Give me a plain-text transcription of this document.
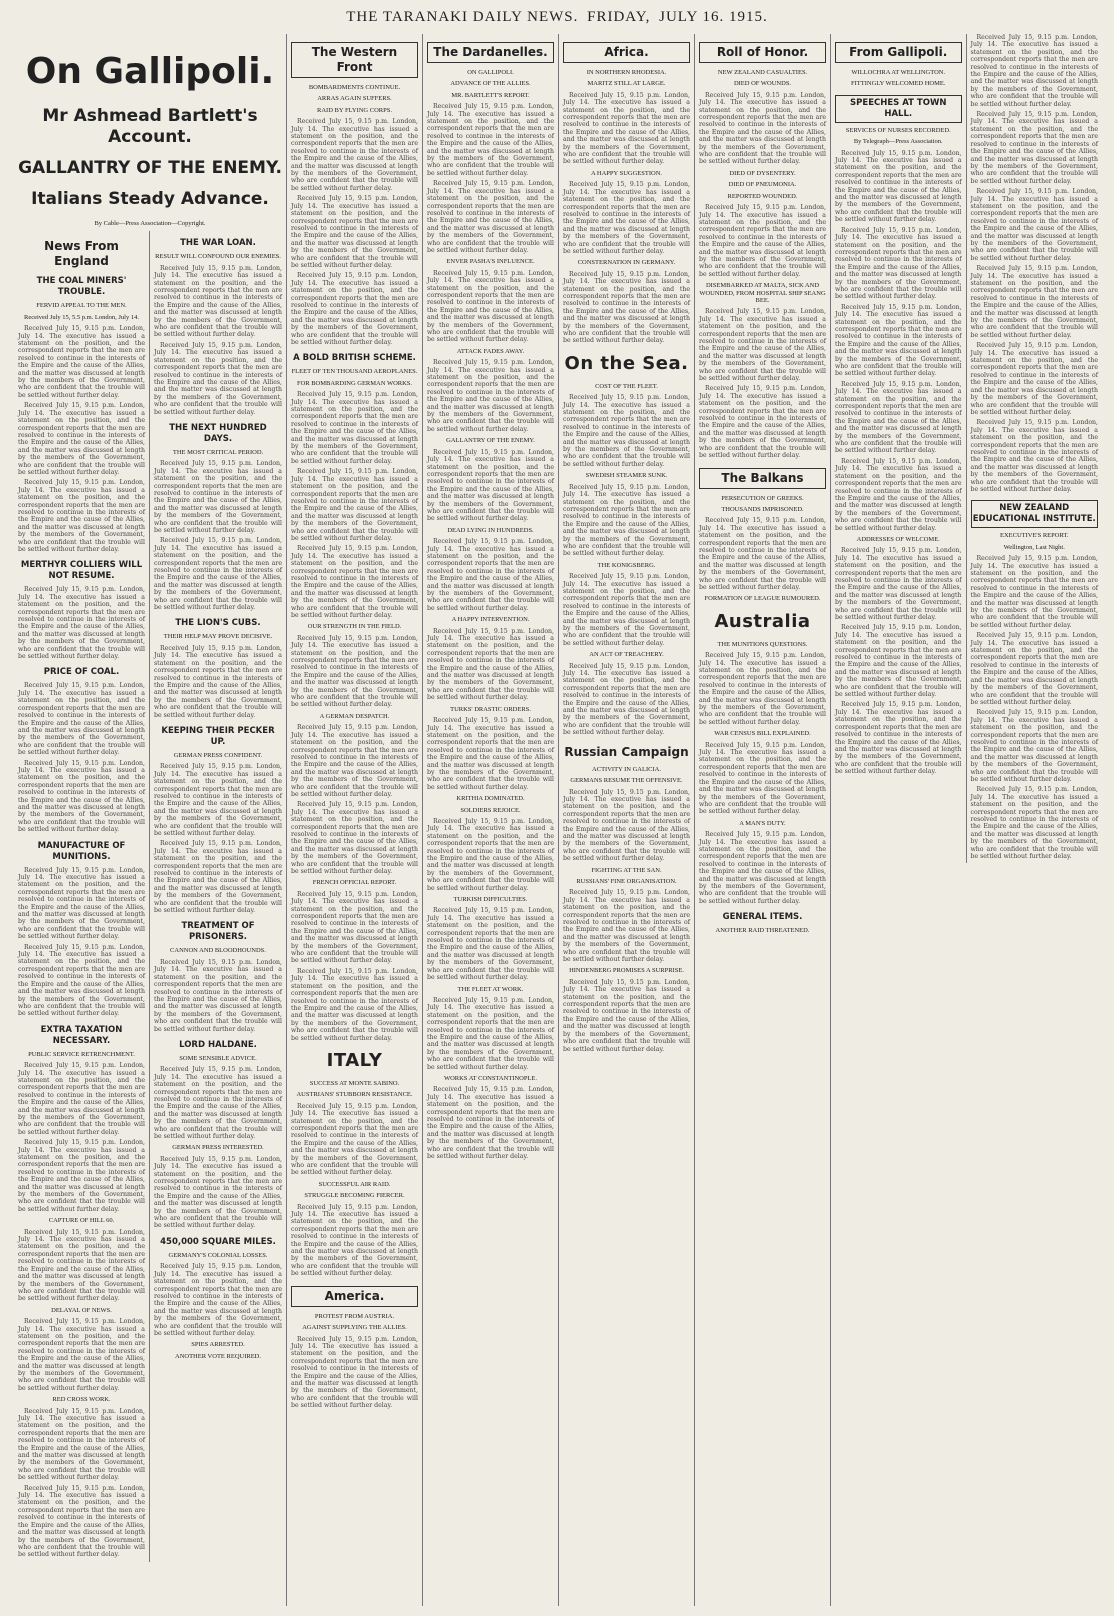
THE TARANAKI DAILY NEWS. FRIDAY, JULY 16. 1915.
On Gallipoli.
Mr Ashmead Bartlett's Account.
GALLANTRY OF THE ENEMY.
Italians Steady Advance.
By Cable—Press Association—Copyright.
News From England
THE COAL MINERS' TROUBLE.
FERVID APPEAL TO THE MEN.
Received July 15, 5.5 p.m. London, July 14.

Received July 15, 9.15 p.m. London, July 14. The executive has issued a statement on the position, and the correspondent reports that the men are resolved to continue in the interests of the Empire and the cause of the Allies, and the matter was discussed at length by the members of the Government, who are confident that the trouble will be settled without further delay.

Received July 15, 9.15 p.m. London, July 14. The executive has issued a statement on the position, and the correspondent reports that the men are resolved to continue in the interests of the Empire and the cause of the Allies, and the matter was discussed at length by the members of the Government, who are confident that the trouble will be settled without further delay.

Received July 15, 9.15 p.m. London, July 14. The executive has issued a statement on the position, and the correspondent reports that the men are resolved to continue in the interests of the Empire and the cause of the Allies, and the matter was discussed at length by the members of the Government, who are confident that the trouble will be settled without further delay.

MERTHYR COLLIERS WILL NOT RESUME.

Received July 15, 9.15 p.m. London, July 14. The executive has issued a statement on the position, and the correspondent reports that the men are resolved to continue in the interests of the Empire and the cause of the Allies, and the matter was discussed at length by the members of the Government, who are confident that the trouble will be settled without further delay.

PRICE OF COAL.

Received July 15, 9.15 p.m. London, July 14. The executive has issued a statement on the position, and the correspondent reports that the men are resolved to continue in the interests of the Empire and the cause of the Allies, and the matter was discussed at length by the members of the Government, who are confident that the trouble will be settled without further delay.

Received July 15, 9.15 p.m. London, July 14. The executive has issued a statement on the position, and the correspondent reports that the men are resolved to continue in the interests of the Empire and the cause of the Allies, and the matter was discussed at length by the members of the Government, who are confident that the trouble will be settled without further delay.

MANUFACTURE OF MUNITIONS.

Received July 15, 9.15 p.m. London, July 14. The executive has issued a statement on the position, and the correspondent reports that the men are resolved to continue in the interests of the Empire and the cause of the Allies, and the matter was discussed at length by the members of the Government, who are confident that the trouble will be settled without further delay.

Received July 15, 9.15 p.m. London, July 14. The executive has issued a statement on the position, and the correspondent reports that the men are resolved to continue in the interests of the Empire and the cause of the Allies, and the matter was discussed at length by the members of the Government, who are confident that the trouble will be settled without further delay.

EXTRA TAXATION NECESSARY.
PUBLIC SERVICE RETRENCHMENT.

Received July 15, 9.15 p.m. London, July 14. The executive has issued a statement on the position, and the correspondent reports that the men are resolved to continue in the interests of the Empire and the cause of the Allies, and the matter was discussed at length by the members of the Government, who are confident that the trouble will be settled without further delay.

Received July 15, 9.15 p.m. London, July 14. The executive has issued a statement on the position, and the correspondent reports that the men are resolved to continue in the interests of the Empire and the cause of the Allies, and the matter was discussed at length by the members of the Government, who are confident that the trouble will be settled without further delay.

CAPTURE OF HILL 60.

Received July 15, 9.15 p.m. London, July 14. The executive has issued a statement on the position, and the correspondent reports that the men are resolved to continue in the interests of the Empire and the cause of the Allies, and the matter was discussed at length by the members of the Government, who are confident that the trouble will be settled without further delay.

DELAYAL OF NEWS.

Received July 15, 9.15 p.m. London, July 14. The executive has issued a statement on the position, and the correspondent reports that the men are resolved to continue in the interests of the Empire and the cause of the Allies, and the matter was discussed at length by the members of the Government, who are confident that the trouble will be settled without further delay.

RED CROSS WORK.

Received July 15, 9.15 p.m. London, July 14. The executive has issued a statement on the position, and the correspondent reports that the men are resolved to continue in the interests of the Empire and the cause of the Allies, and the matter was discussed at length by the members of the Government, who are confident that the trouble will be settled without further delay.

Received July 15, 9.15 p.m. London, July 14. The executive has issued a statement on the position, and the correspondent reports that the men are resolved to continue in the interests of the Empire and the cause of the Allies, and the matter was discussed at length by the members of the Government, who are confident that the trouble will be settled without further delay.

THE WAR LOAN.
RESULT WILL CONFOUND OUR ENEMIES.

Received July 15, 9.15 p.m. London, July 14. The executive has issued a statement on the position, and the correspondent reports that the men are resolved to continue in the interests of the Empire and the cause of the Allies, and the matter was discussed at length by the members of the Government, who are confident that the trouble will be settled without further delay.

Received July 15, 9.15 p.m. London, July 14. The executive has issued a statement on the position, and the correspondent reports that the men are resolved to continue in the interests of the Empire and the cause of the Allies, and the matter was discussed at length by the members of the Government, who are confident that the trouble will be settled without further delay.

THE NEXT HUNDRED DAYS.
THE MOST CRITICAL PERIOD.

Received July 15, 9.15 p.m. London, July 14. The executive has issued a statement on the position, and the correspondent reports that the men are resolved to continue in the interests of the Empire and the cause of the Allies, and the matter was discussed at length by the members of the Government, who are confident that the trouble will be settled without further delay.

Received July 15, 9.15 p.m. London, July 14. The executive has issued a statement on the position, and the correspondent reports that the men are resolved to continue in the interests of the Empire and the cause of the Allies, and the matter was discussed at length by the members of the Government, who are confident that the trouble will be settled without further delay.

THE LION'S CUBS.
THEIR HELP MAY PROVE DECISIVE.

Received July 15, 9.15 p.m. London, July 14. The executive has issued a statement on the position, and the correspondent reports that the men are resolved to continue in the interests of the Empire and the cause of the Allies, and the matter was discussed at length by the members of the Government, who are confident that the trouble will be settled without further delay.

KEEPING THEIR PECKER UP.
GERMAN PRESS CONFIDENT.

Received July 15, 9.15 p.m. London, July 14. The executive has issued a statement on the position, and the correspondent reports that the men are resolved to continue in the interests of the Empire and the cause of the Allies, and the matter was discussed at length by the members of the Government, who are confident that the trouble will be settled without further delay.

Received July 15, 9.15 p.m. London, July 14. The executive has issued a statement on the position, and the correspondent reports that the men are resolved to continue in the interests of the Empire and the cause of the Allies, and the matter was discussed at length by the members of the Government, who are confident that the trouble will be settled without further delay.

TREATMENT OF PRISONERS.
CANNON AND BLOODHOUNDS.

Received July 15, 9.15 p.m. London, July 14. The executive has issued a statement on the position, and the correspondent reports that the men are resolved to continue in the interests of the Empire and the cause of the Allies, and the matter was discussed at length by the members of the Government, who are confident that the trouble will be settled without further delay.

LORD HALDANE.
SOME SENSIBLE ADVICE.

Received July 15, 9.15 p.m. London, July 14. The executive has issued a statement on the position, and the correspondent reports that the men are resolved to continue in the interests of the Empire and the cause of the Allies, and the matter was discussed at length by the members of the Government, who are confident that the trouble will be settled without further delay.

GERMAN PRESS INTERESTED.

Received July 15, 9.15 p.m. London, July 14. The executive has issued a statement on the position, and the correspondent reports that the men are resolved to continue in the interests of the Empire and the cause of the Allies, and the matter was discussed at length by the members of the Government, who are confident that the trouble will be settled without further delay.

450,000 SQUARE MILES.
GERMANY'S COLONIAL LOSSES.

Received July 15, 9.15 p.m. London, July 14. The executive has issued a statement on the position, and the correspondent reports that the men are resolved to continue in the interests of the Empire and the cause of the Allies, and the matter was discussed at length by the members of the Government, who are confident that the trouble will be settled without further delay.

SPIES ARRESTED.
ANOTHER VOTE REQUIRED.
The Western Front
BOMBARDMENTS CONTINUE.
ARRAS AGAIN SUFFERS.
RAID BY FLYING CORPS.

Received July 15, 9.15 p.m. London, July 14. The executive has issued a statement on the position, and the correspondent reports that the men are resolved to continue in the interests of the Empire and the cause of the Allies, and the matter was discussed at length by the members of the Government, who are confident that the trouble will be settled without further delay.

Received July 15, 9.15 p.m. London, July 14. The executive has issued a statement on the position, and the correspondent reports that the men are resolved to continue in the interests of the Empire and the cause of the Allies, and the matter was discussed at length by the members of the Government, who are confident that the trouble will be settled without further delay.

Received July 15, 9.15 p.m. London, July 14. The executive has issued a statement on the position, and the correspondent reports that the men are resolved to continue in the interests of the Empire and the cause of the Allies, and the matter was discussed at length by the members of the Government, who are confident that the trouble will be settled without further delay.

A BOLD BRITISH SCHEME.
FLEET OF TEN THOUSAND AEROPLANES.
FOR BOMBARDING GERMAN WORKS.

Received July 15, 9.15 p.m. London, July 14. The executive has issued a statement on the position, and the correspondent reports that the men are resolved to continue in the interests of the Empire and the cause of the Allies, and the matter was discussed at length by the members of the Government, who are confident that the trouble will be settled without further delay.

Received July 15, 9.15 p.m. London, July 14. The executive has issued a statement on the position, and the correspondent reports that the men are resolved to continue in the interests of the Empire and the cause of the Allies, and the matter was discussed at length by the members of the Government, who are confident that the trouble will be settled without further delay.

Received July 15, 9.15 p.m. London, July 14. The executive has issued a statement on the position, and the correspondent reports that the men are resolved to continue in the interests of the Empire and the cause of the Allies, and the matter was discussed at length by the members of the Government, who are confident that the trouble will be settled without further delay.

OUR STRENGTH IN THE FIELD.

Received July 15, 9.15 p.m. London, July 14. The executive has issued a statement on the position, and the correspondent reports that the men are resolved to continue in the interests of the Empire and the cause of the Allies, and the matter was discussed at length by the members of the Government, who are confident that the trouble will be settled without further delay.

A GERMAN DESPATCH.

Received July 15, 9.15 p.m. London, July 14. The executive has issued a statement on the position, and the correspondent reports that the men are resolved to continue in the interests of the Empire and the cause of the Allies, and the matter was discussed at length by the members of the Government, who are confident that the trouble will be settled without further delay.

Received July 15, 9.15 p.m. London, July 14. The executive has issued a statement on the position, and the correspondent reports that the men are resolved to continue in the interests of the Empire and the cause of the Allies, and the matter was discussed at length by the members of the Government, who are confident that the trouble will be settled without further delay.

FRENCH OFFICIAL REPORT.

Received July 15, 9.15 p.m. London, July 14. The executive has issued a statement on the position, and the correspondent reports that the men are resolved to continue in the interests of the Empire and the cause of the Allies, and the matter was discussed at length by the members of the Government, who are confident that the trouble will be settled without further delay.

Received July 15, 9.15 p.m. London, July 14. The executive has issued a statement on the position, and the correspondent reports that the men are resolved to continue in the interests of the Empire and the cause of the Allies, and the matter was discussed at length by the members of the Government, who are confident that the trouble will be settled without further delay.

ITALY
SUCCESS AT MONTE SABINO.
AUSTRIANS' STUBBORN RESISTANCE.

Received July 15, 9.15 p.m. London, July 14. The executive has issued a statement on the position, and the correspondent reports that the men are resolved to continue in the interests of the Empire and the cause of the Allies, and the matter was discussed at length by the members of the Government, who are confident that the trouble will be settled without further delay.

SUCCESSFUL AIR RAID.
STRUGGLE BECOMING FIERCER.

Received July 15, 9.15 p.m. London, July 14. The executive has issued a statement on the position, and the correspondent reports that the men are resolved to continue in the interests of the Empire and the cause of the Allies, and the matter was discussed at length by the members of the Government, who are confident that the trouble will be settled without further delay.

America.
PROTEST FROM AUSTRIA.
AGAINST SUPPLYING THE ALLIES.

Received July 15, 9.15 p.m. London, July 14. The executive has issued a statement on the position, and the correspondent reports that the men are resolved to continue in the interests of the Empire and the cause of the Allies, and the matter was discussed at length by the members of the Government, who are confident that the trouble will be settled without further delay.

The Dardanelles.
ON GALLIPOLI.
ADVANCE OF THE ALLIES.
MR. BARTLETT'S REPORT.

Received July 15, 9.15 p.m. London, July 14. The executive has issued a statement on the position, and the correspondent reports that the men are resolved to continue in the interests of the Empire and the cause of the Allies, and the matter was discussed at length by the members of the Government, who are confident that the trouble will be settled without further delay.

Received July 15, 9.15 p.m. London, July 14. The executive has issued a statement on the position, and the correspondent reports that the men are resolved to continue in the interests of the Empire and the cause of the Allies, and the matter was discussed at length by the members of the Government, who are confident that the trouble will be settled without further delay.

ENVER PASHA'S INFLUENCE.

Received July 15, 9.15 p.m. London, July 14. The executive has issued a statement on the position, and the correspondent reports that the men are resolved to continue in the interests of the Empire and the cause of the Allies, and the matter was discussed at length by the members of the Government, who are confident that the trouble will be settled without further delay.

ATTACK FADES AWAY.

Received July 15, 9.15 p.m. London, July 14. The executive has issued a statement on the position, and the correspondent reports that the men are resolved to continue in the interests of the Empire and the cause of the Allies, and the matter was discussed at length by the members of the Government, who are confident that the trouble will be settled without further delay.

GALLANTRY OF THE ENEMY.

Received July 15, 9.15 p.m. London, July 14. The executive has issued a statement on the position, and the correspondent reports that the men are resolved to continue in the interests of the Empire and the cause of the Allies, and the matter was discussed at length by the members of the Government, who are confident that the trouble will be settled without further delay.

DEAD LYING IN HUNDREDS.

Received July 15, 9.15 p.m. London, July 14. The executive has issued a statement on the position, and the correspondent reports that the men are resolved to continue in the interests of the Empire and the cause of the Allies, and the matter was discussed at length by the members of the Government, who are confident that the trouble will be settled without further delay.

A HAPPY INTERVENTION.

Received July 15, 9.15 p.m. London, July 14. The executive has issued a statement on the position, and the correspondent reports that the men are resolved to continue in the interests of the Empire and the cause of the Allies, and the matter was discussed at length by the members of the Government, who are confident that the trouble will be settled without further delay.

TURKS' DRASTIC ORDERS.

Received July 15, 9.15 p.m. London, July 14. The executive has issued a statement on the position, and the correspondent reports that the men are resolved to continue in the interests of the Empire and the cause of the Allies, and the matter was discussed at length by the members of the Government, who are confident that the trouble will be settled without further delay.

KRITHIA DOMINATED.
SOLDIERS REJOICE.

Received July 15, 9.15 p.m. London, July 14. The executive has issued a statement on the position, and the correspondent reports that the men are resolved to continue in the interests of the Empire and the cause of the Allies, and the matter was discussed at length by the members of the Government, who are confident that the trouble will be settled without further delay.

TURKISH DIFFICULTIES.

Received July 15, 9.15 p.m. London, July 14. The executive has issued a statement on the position, and the correspondent reports that the men are resolved to continue in the interests of the Empire and the cause of the Allies, and the matter was discussed at length by the members of the Government, who are confident that the trouble will be settled without further delay.

THE FLEET AT WORK.

Received July 15, 9.15 p.m. London, July 14. The executive has issued a statement on the position, and the correspondent reports that the men are resolved to continue in the interests of the Empire and the cause of the Allies, and the matter was discussed at length by the members of the Government, who are confident that the trouble will be settled without further delay.

WORKS AT CONSTANTINOPLE.

Received July 15, 9.15 p.m. London, July 14. The executive has issued a statement on the position, and the correspondent reports that the men are resolved to continue in the interests of the Empire and the cause of the Allies, and the matter was discussed at length by the members of the Government, who are confident that the trouble will be settled without further delay.

Africa.
IN NORTHERN RHODESIA.
MARITZ STILL AT LARGE.

Received July 15, 9.15 p.m. London, July 14. The executive has issued a statement on the position, and the correspondent reports that the men are resolved to continue in the interests of the Empire and the cause of the Allies, and the matter was discussed at length by the members of the Government, who are confident that the trouble will be settled without further delay.

A HAPPY SUGGESTION.

Received July 15, 9.15 p.m. London, July 14. The executive has issued a statement on the position, and the correspondent reports that the men are resolved to continue in the interests of the Empire and the cause of the Allies, and the matter was discussed at length by the members of the Government, who are confident that the trouble will be settled without further delay.

CONSTERNATION IN GERMANY.

Received July 15, 9.15 p.m. London, July 14. The executive has issued a statement on the position, and the correspondent reports that the men are resolved to continue in the interests of the Empire and the cause of the Allies, and the matter was discussed at length by the members of the Government, who are confident that the trouble will be settled without further delay.

On the Sea.
COST OF THE FLEET.

Received July 15, 9.15 p.m. London, July 14. The executive has issued a statement on the position, and the correspondent reports that the men are resolved to continue in the interests of the Empire and the cause of the Allies, and the matter was discussed at length by the members of the Government, who are confident that the trouble will be settled without further delay.

SWEDISH STEAMER SUNK.

Received July 15, 9.15 p.m. London, July 14. The executive has issued a statement on the position, and the correspondent reports that the men are resolved to continue in the interests of the Empire and the cause of the Allies, and the matter was discussed at length by the members of the Government, who are confident that the trouble will be settled without further delay.

THE KONIGSBERG.

Received July 15, 9.15 p.m. London, July 14. The executive has issued a statement on the position, and the correspondent reports that the men are resolved to continue in the interests of the Empire and the cause of the Allies, and the matter was discussed at length by the members of the Government, who are confident that the trouble will be settled without further delay.

AN ACT OF TREACHERY.

Received July 15, 9.15 p.m. London, July 14. The executive has issued a statement on the position, and the correspondent reports that the men are resolved to continue in the interests of the Empire and the cause of the Allies, and the matter was discussed at length by the members of the Government, who are confident that the trouble will be settled without further delay.

Russian Campaign
ACTIVITY IN GALICIA.
GERMANS RESUME THE OFFENSIVE.

Received July 15, 9.15 p.m. London, July 14. The executive has issued a statement on the position, and the correspondent reports that the men are resolved to continue in the interests of the Empire and the cause of the Allies, and the matter was discussed at length by the members of the Government, who are confident that the trouble will be settled without further delay.

FIGHTING AT THE SAN.
RUSSIANS' FINE ORGANISATION.

Received July 15, 9.15 p.m. London, July 14. The executive has issued a statement on the position, and the correspondent reports that the men are resolved to continue in the interests of the Empire and the cause of the Allies, and the matter was discussed at length by the members of the Government, who are confident that the trouble will be settled without further delay.

HINDENBERG PROMISES A SURPRISE.

Received July 15, 9.15 p.m. London, July 14. The executive has issued a statement on the position, and the correspondent reports that the men are resolved to continue in the interests of the Empire and the cause of the Allies, and the matter was discussed at length by the members of the Government, who are confident that the trouble will be settled without further delay.

Roll of Honor.
NEW ZEALAND CASUALTIES.
DIED OF WOUNDS.

Received July 15, 9.15 p.m. London, July 14. The executive has issued a statement on the position, and the correspondent reports that the men are resolved to continue in the interests of the Empire and the cause of the Allies, and the matter was discussed at length by the members of the Government, who are confident that the trouble will be settled without further delay.

DIED OF DYSENTERY.
DIED OF PNEUMONIA.
REPORTED WOUNDED.

Received July 15, 9.15 p.m. London, July 14. The executive has issued a statement on the position, and the correspondent reports that the men are resolved to continue in the interests of the Empire and the cause of the Allies, and the matter was discussed at length by the members of the Government, who are confident that the trouble will be settled without further delay.

DISEMBARKED AT MALTA, SICK AND WOUNDED, FROM HOSPITAL SHIP SEANG BEE.

Received July 15, 9.15 p.m. London, July 14. The executive has issued a statement on the position, and the correspondent reports that the men are resolved to continue in the interests of the Empire and the cause of the Allies, and the matter was discussed at length by the members of the Government, who are confident that the trouble will be settled without further delay.

Received July 15, 9.15 p.m. London, July 14. The executive has issued a statement on the position, and the correspondent reports that the men are resolved to continue in the interests of the Empire and the cause of the Allies, and the matter was discussed at length by the members of the Government, who are confident that the trouble will be settled without further delay.

The Balkans
PERSECUTION OF GREEKS.
THOUSANDS IMPRISONED.

Received July 15, 9.15 p.m. London, July 14. The executive has issued a statement on the position, and the correspondent reports that the men are resolved to continue in the interests of the Empire and the cause of the Allies, and the matter was discussed at length by the members of the Government, who are confident that the trouble will be settled without further delay.

FORMATION OF LEAGUE RUMOURED.
Australia
THE MUNITIONS QUESTIONS.

Received July 15, 9.15 p.m. London, July 14. The executive has issued a statement on the position, and the correspondent reports that the men are resolved to continue in the interests of the Empire and the cause of the Allies, and the matter was discussed at length by the members of the Government, who are confident that the trouble will be settled without further delay.

WAR CENSUS BILL EXPLAINED.

Received July 15, 9.15 p.m. London, July 14. The executive has issued a statement on the position, and the correspondent reports that the men are resolved to continue in the interests of the Empire and the cause of the Allies, and the matter was discussed at length by the members of the Government, who are confident that the trouble will be settled without further delay.

A MAN'S DUTY.

Received July 15, 9.15 p.m. London, July 14. The executive has issued a statement on the position, and the correspondent reports that the men are resolved to continue in the interests of the Empire and the cause of the Allies, and the matter was discussed at length by the members of the Government, who are confident that the trouble will be settled without further delay.

GENERAL ITEMS.
ANOTHER RAID THREATENED.
From Gallipoli.
WILLOCHRA AT WELLINGTON.
FITTINGLY WELCOMED HOME.
SPEECHES AT TOWN HALL.
SERVICES OF NURSES RECORDED.
By Telegraph—Press Association.

Received July 15, 9.15 p.m. London, July 14. The executive has issued a statement on the position, and the correspondent reports that the men are resolved to continue in the interests of the Empire and the cause of the Allies, and the matter was discussed at length by the members of the Government, who are confident that the trouble will be settled without further delay.

Received July 15, 9.15 p.m. London, July 14. The executive has issued a statement on the position, and the correspondent reports that the men are resolved to continue in the interests of the Empire and the cause of the Allies, and the matter was discussed at length by the members of the Government, who are confident that the trouble will be settled without further delay.

Received July 15, 9.15 p.m. London, July 14. The executive has issued a statement on the position, and the correspondent reports that the men are resolved to continue in the interests of the Empire and the cause of the Allies, and the matter was discussed at length by the members of the Government, who are confident that the trouble will be settled without further delay.

Received July 15, 9.15 p.m. London, July 14. The executive has issued a statement on the position, and the correspondent reports that the men are resolved to continue in the interests of the Empire and the cause of the Allies, and the matter was discussed at length by the members of the Government, who are confident that the trouble will be settled without further delay.

Received July 15, 9.15 p.m. London, July 14. The executive has issued a statement on the position, and the correspondent reports that the men are resolved to continue in the interests of the Empire and the cause of the Allies, and the matter was discussed at length by the members of the Government, who are confident that the trouble will be settled without further delay.

ADDRESSES OF WELCOME.

Received July 15, 9.15 p.m. London, July 14. The executive has issued a statement on the position, and the correspondent reports that the men are resolved to continue in the interests of the Empire and the cause of the Allies, and the matter was discussed at length by the members of the Government, who are confident that the trouble will be settled without further delay.

Received July 15, 9.15 p.m. London, July 14. The executive has issued a statement on the position, and the correspondent reports that the men are resolved to continue in the interests of the Empire and the cause of the Allies, and the matter was discussed at length by the members of the Government, who are confident that the trouble will be settled without further delay.

Received July 15, 9.15 p.m. London, July 14. The executive has issued a statement on the position, and the correspondent reports that the men are resolved to continue in the interests of the Empire and the cause of the Allies, and the matter was discussed at length by the members of the Government, who are confident that the trouble will be settled without further delay.

Received July 15, 9.15 p.m. London, July 14. The executive has issued a statement on the position, and the correspondent reports that the men are resolved to continue in the interests of the Empire and the cause of the Allies, and the matter was discussed at length by the members of the Government, who are confident that the trouble will be settled without further delay.

Received July 15, 9.15 p.m. London, July 14. The executive has issued a statement on the position, and the correspondent reports that the men are resolved to continue in the interests of the Empire and the cause of the Allies, and the matter was discussed at length by the members of the Government, who are confident that the trouble will be settled without further delay.

Received July 15, 9.15 p.m. London, July 14. The executive has issued a statement on the position, and the correspondent reports that the men are resolved to continue in the interests of the Empire and the cause of the Allies, and the matter was discussed at length by the members of the Government, who are confident that the trouble will be settled without further delay.

Received July 15, 9.15 p.m. London, July 14. The executive has issued a statement on the position, and the correspondent reports that the men are resolved to continue in the interests of the Empire and the cause of the Allies, and the matter was discussed at length by the members of the Government, who are confident that the trouble will be settled without further delay.

Received July 15, 9.15 p.m. London, July 14. The executive has issued a statement on the position, and the correspondent reports that the men are resolved to continue in the interests of the Empire and the cause of the Allies, and the matter was discussed at length by the members of the Government, who are confident that the trouble will be settled without further delay.

Received July 15, 9.15 p.m. London, July 14. The executive has issued a statement on the position, and the correspondent reports that the men are resolved to continue in the interests of the Empire and the cause of the Allies, and the matter was discussed at length by the members of the Government, who are confident that the trouble will be settled without further delay.

NEW ZEALAND EDUCATIONAL INSTITUTE.
EXECUTIVE'S REPORT.
Wellington, Last Night.

Received July 15, 9.15 p.m. London, July 14. The executive has issued a statement on the position, and the correspondent reports that the men are resolved to continue in the interests of the Empire and the cause of the Allies, and the matter was discussed at length by the members of the Government, who are confident that the trouble will be settled without further delay.

Received July 15, 9.15 p.m. London, July 14. The executive has issued a statement on the position, and the correspondent reports that the men are resolved to continue in the interests of the Empire and the cause of the Allies, and the matter was discussed at length by the members of the Government, who are confident that the trouble will be settled without further delay.

Received July 15, 9.15 p.m. London, July 14. The executive has issued a statement on the position, and the correspondent reports that the men are resolved to continue in the interests of the Empire and the cause of the Allies, and the matter was discussed at length by the members of the Government, who are confident that the trouble will be settled without further delay.

Received July 15, 9.15 p.m. London, July 14. The executive has issued a statement on the position, and the correspondent reports that the men are resolved to continue in the interests of the Empire and the cause of the Allies, and the matter was discussed at length by the members of the Government, who are confident that the trouble will be settled without further delay.
